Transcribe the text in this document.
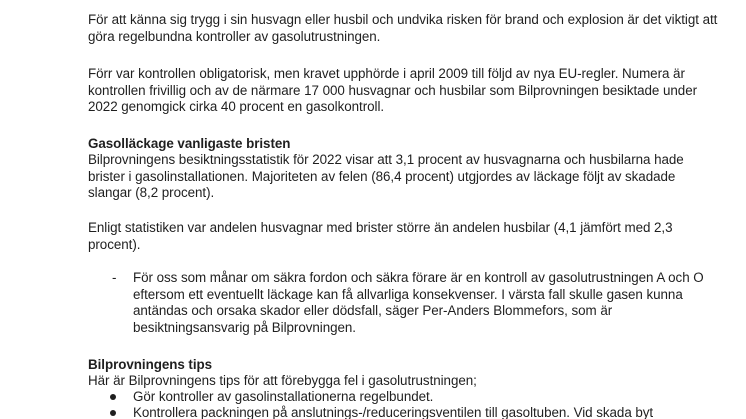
För att känna sig trygg i sin husvagn eller husbil och undvika risken för brand och explosion är det viktigt att göra regelbundna kontroller av gasolutrustningen.

Förr var kontrollen obligatorisk, men kravet upphörde i april 2009 till följd av nya EU-regler. Numera är kontrollen frivillig och av de närmare 17 000 husvagnar och husbilar som Bilprovningen besiktade under 2022 genomgick cirka 40 procent en gasolkontroll.

Gasolläckage vanligaste bristen

Bilprovningens besiktningsstatistik för 2022 visar att 3,1 procent av husvagnarna och husbilarna hade brister i gasolinstallationen. Majoriteten av felen (86,4 procent) utgjordes av läckage följt av skadade slangar (8,2 procent).

Enligt statistiken var andelen husvagnar med brister större än andelen husbilar (4,1 jämfört med 2,3 procent).

- För oss som månar om säkra fordon och säkra förare är en kontroll av gasolutrustningen A och O eftersom ett eventuellt läckage kan få allvarliga konsekvenser. I värsta fall skulle gasen kunna antändas och orsaka skador eller dödsfall, säger Per-Anders Blommefors, som är besiktningsansvarig på Bilprovningen.

Bilprovningens tips

Här är Bilprovningens tips för att förebygga fel i gasolutrustningen;

Gör kontroller av gasolinstallationerna regelbundet.
Kontrollera packningen på anslutnings-/reduceringsventilen till gasoltuben. Vid skada byt
